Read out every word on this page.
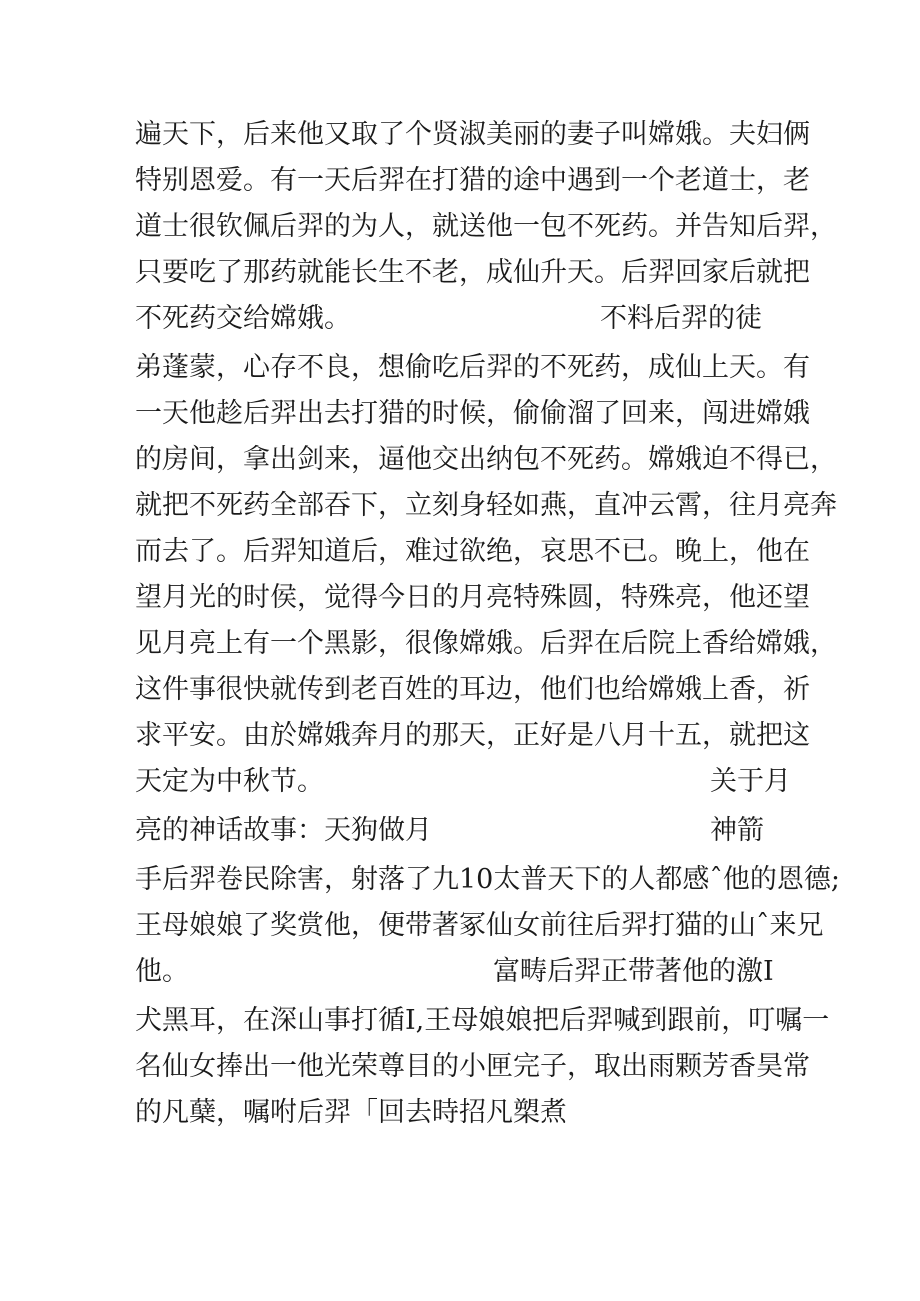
遍天下，后来他又取了个贤淑美丽的妻子叫嫦娥。夫妇俩
特别恩爱。有一天后羿在打猎的途中遇到一个老道士，老
道士很钦佩后羿的为人，就送他一包不死药。并告知后羿，
只要吃了那药就能长生不老，成仙升天。后羿回家后就把
不死药交给嫦娥。	不料后羿的徒
弟蓬蒙，心存不良，想偷吃后羿的不死药，成仙上天。有
一天他趁后羿出去打猎的时候，偷偷溜了回来，闯进嫦娥
的房间，拿出剑来，逼他交出纳包不死药。嫦娥迫不得已，
就把不死药全部吞下，立刻身轻如燕，直冲云霄，往月亮奔
而去了。后羿知道后，难过欲绝，哀思不已。晚上，他在
望月光的时侯，觉得今日的月亮特殊圆，特殊亮，他还望
见月亮上有一个黑影，很像嫦娥。后羿在后院上香给嫦娥，
这件事很快就传到老百姓的耳边，他们也给嫦娥上香，祈
求平安。由於嫦娥奔月的那天，正好是八月十五，就把这
天定为中秋节。	关于月
亮的神话故事：天狗做月	神箭
手后羿卷民除害，射落了九10太普天下的人都感ˆ他的恩德;
王母娘娘了奖赏他，便带著冢仙女前往后羿打猫的山ˆ来兄
他。	富畴后羿正带著他的激I
犬黑耳，在深山事打循I,王母娘娘把后羿喊到跟前，叮嘱一
名仙女捧出一他光荣尊目的小匣完子，取出雨颗芳香昊常
的凡蘖，嘱咐后羿「回去時招凡槊煮
